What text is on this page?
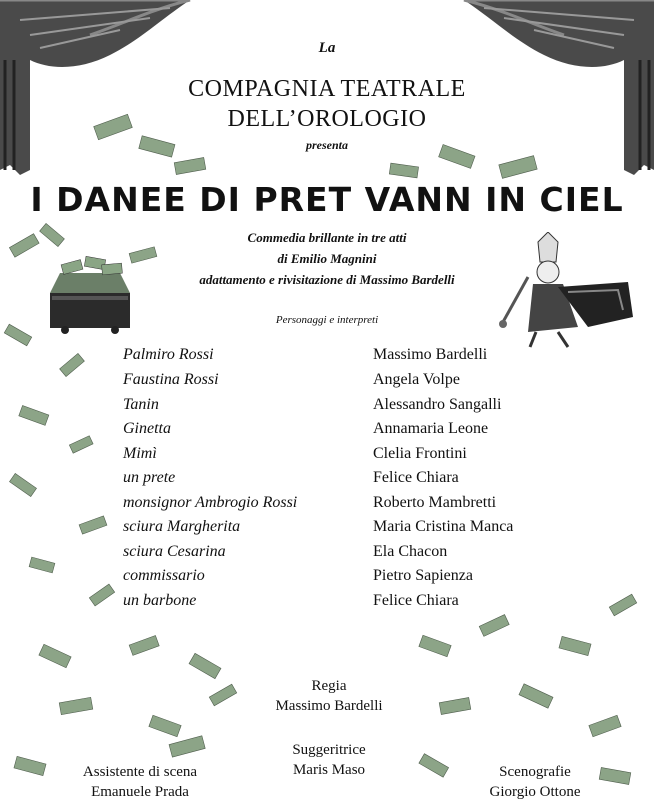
La
COMPAGNIA TEATRALE
DELL’OROLOGIO
presenta
I DANEE DI PRET VANN IN CIEL
Commedia brillante in tre atti
di Emilio Magnini
adattamento e rivisitazione di Massimo Bardelli
Personaggi e interpreti
Palmiro Rossi	Massimo Bardelli
Faustina Rossi	Angela Volpe
Tanin	Alessandro Sangalli
Ginetta	Annamaria Leone
Mimì	Clelia Frontini
un prete	Felice Chiara
monsignor Ambrogio Rossi	Roberto Mambretti
sciura Margherita	Maria Cristina Manca
sciura Cesarina	Ela Chacon
commissario	Pietro Sapienza
un barbone	Felice Chiara
Regia
Massimo Bardelli
Suggeritrice
Maris Maso
Assistente di scena
Emanuele Prada
Scenografie
Giorgio Ottone
